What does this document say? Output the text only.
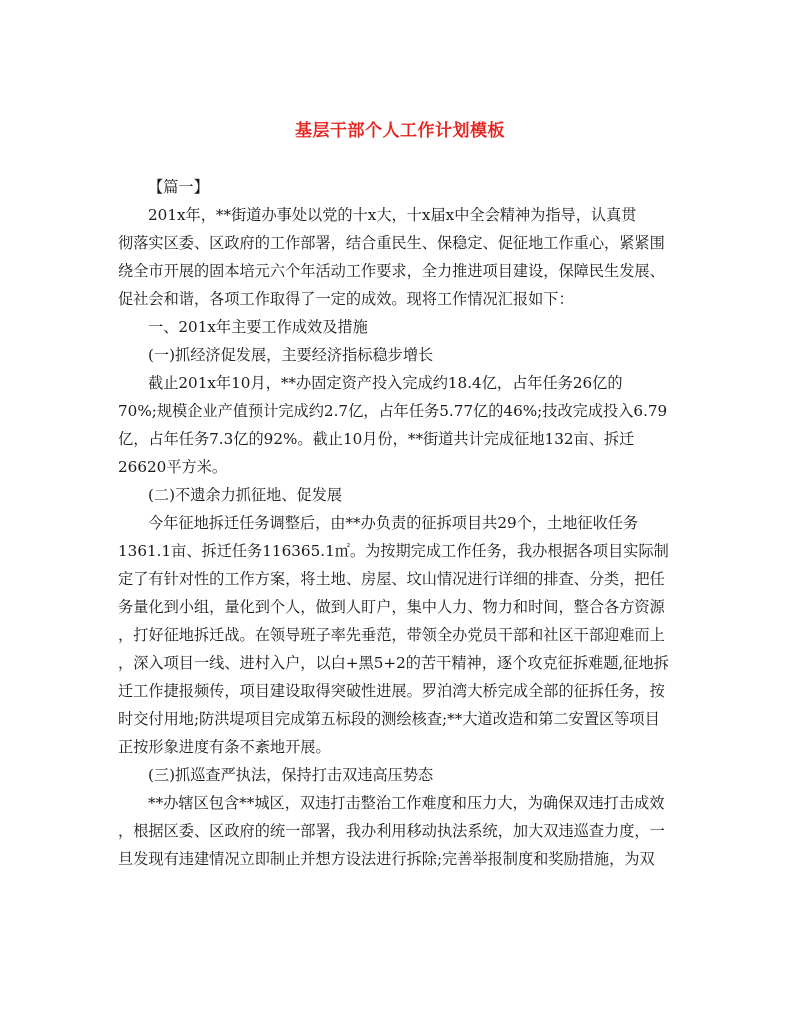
基层干部个人工作计划模板
【篇一】
201x年，**街道办事处以党的十x大，十x届x中全会精神为指导，认真贯
彻落实区委、区政府的工作部署，结合重民生、保稳定、促征地工作重心，紧紧围
绕全市开展的固本培元六个年活动工作要求，全力推进项目建设，保障民生发展、
促社会和谐，各项工作取得了一定的成效。现将工作情况汇报如下：
一、201x年主要工作成效及措施
(一)抓经济促发展，主要经济指标稳步增长
截止201x年10月，**办固定资产投入完成约18.4亿，占年任务26亿的
70%;规模企业产值预计完成约2.7亿，占年任务5.77亿的46%;技改完成投入6.79
亿，占年任务7.3亿的92%。截止10月份，**街道共计完成征地132亩、拆迁
26620平方米。
(二)不遗余力抓征地、促发展
今年征地拆迁任务调整后，由**办负责的征拆项目共29个，土地征收任务
1361.1亩、拆迁任务116365.1㎡。为按期完成工作任务，我办根据各项目实际制
定了有针对性的工作方案，将土地、房屋、坟山情况进行详细的排查、分类，把任
务量化到小组，量化到个人，做到人盯户，集中人力、物力和时间，整合各方资源
，打好征地拆迁战。在领导班子率先垂范，带领全办党员干部和社区干部迎难而上
，深入项目一线、进村入户，以白+黑5+2的苦干精神，逐个攻克征拆难题,征地拆
迁工作捷报频传，项目建设取得突破性进展。罗泊湾大桥完成全部的征拆任务，按
时交付用地;防洪堤项目完成第五标段的测绘核查;**大道改造和第二安置区等项目
正按形象进度有条不紊地开展。
(三)抓巡查严执法，保持打击双违高压势态
**办辖区包含**城区，双违打击整治工作难度和压力大，为确保双违打击成效
，根据区委、区政府的统一部署，我办利用移动执法系统，加大双违巡查力度，一
旦发现有违建情况立即制止并想方设法进行拆除;完善举报制度和奖励措施，为双
